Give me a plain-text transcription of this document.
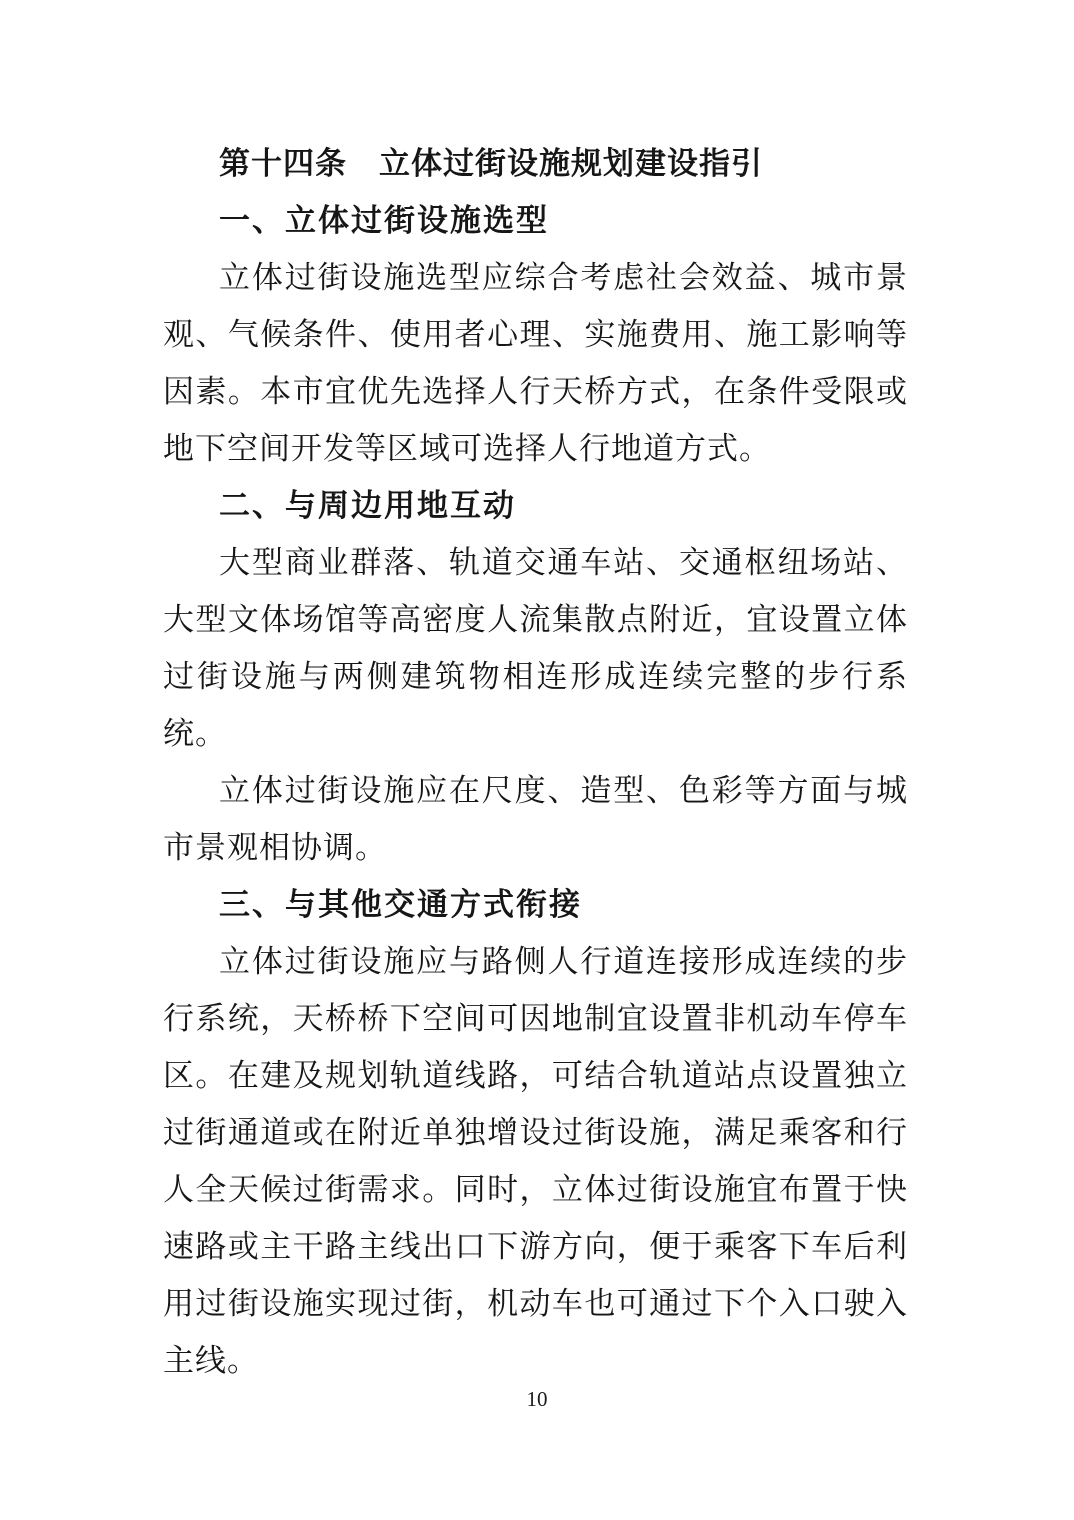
第十四条　立体过街设施规划建设指引
一、立体过街设施选型

立体过街设施选型应综合考虑社会效益、城市景观、气候条件、使用者心理、实施费用、施工影响等因素。本市宜优先选择人行天桥方式，在条件受限或地下空间开发等区域可选择人行地道方式。

二、与周边用地互动

大型商业群落、轨道交通车站、交通枢纽场站、大型文体场馆等高密度人流集散点附近，宜设置立体过街设施与两侧建筑物相连形成连续完整的步行系统。

立体过街设施应在尺度、造型、色彩等方面与城市景观相协调。

三、与其他交通方式衔接

立体过街设施应与路侧人行道连接形成连续的步行系统，天桥桥下空间可因地制宜设置非机动车停车区。在建及规划轨道线路，可结合轨道站点设置独立过街通道或在附近单独增设过街设施，满足乘客和行人全天候过街需求。同时，立体过街设施宜布置于快速路或主干路主线出口下游方向，便于乘客下车后利用过街设施实现过街，机动车也可通过下个入口驶入主线。

10
